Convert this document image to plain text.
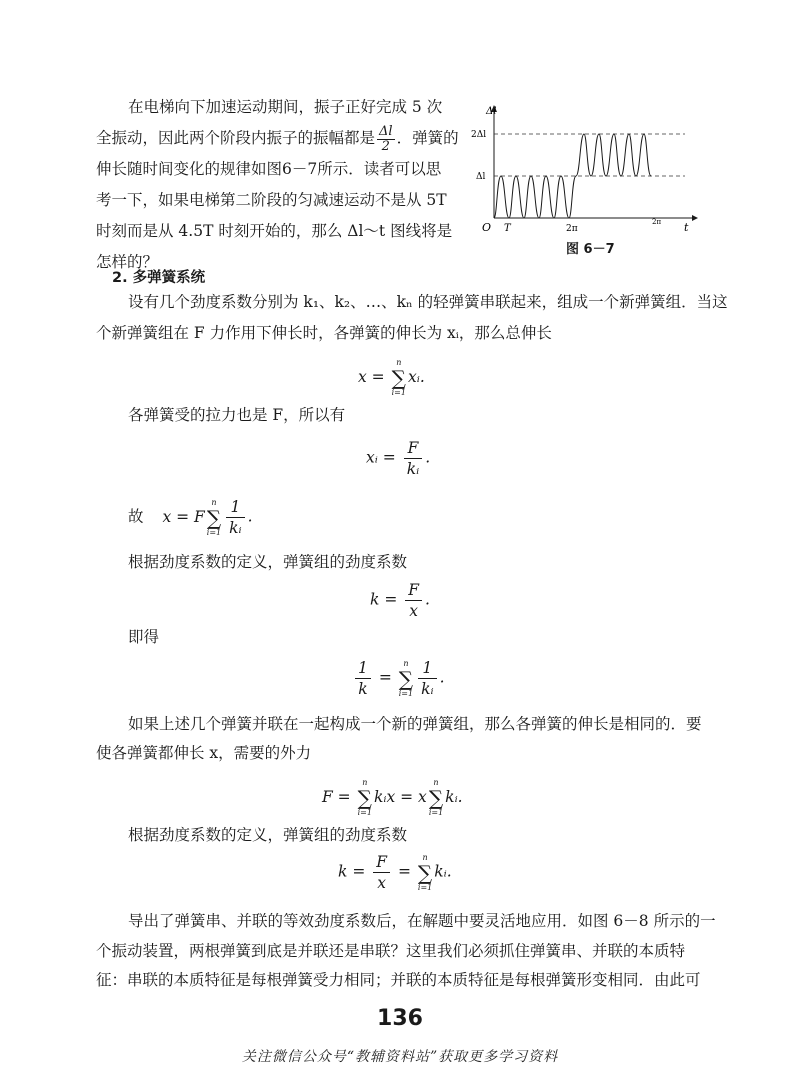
在电梯向下加速运动期间，振子正好完成 5 次
全振动，因此两个阶段内振子的振幅都是 $\frac{\Delta l}{2}$ ．弹簧的
伸长随时间变化的规律如图6－7所示．读者可以思
考一下，如果电梯第二阶段的匀减速运动不是从 5T
时刻而是从 4.5T 时刻开始的，那么 Δl～t 图线将是
怎样的？
Δl
2Δl
Δl
O T	2π
2π t
图 6－7
2. 多弹簧系统
设有几个劲度系数分别为 k₁、k₂、…、kₙ 的轻弹簧串联起来，组成一个新弹簧组．当这
个新弹簧组在 F 力作用下伸长时，各弹簧的伸长为 xᵢ，那么总伸长
x =
n
∑
i=1
xᵢ.
各弹簧受的拉力也是 F，所以有
xᵢ = $\frac{F}{\text{kᵢ}}$ .
故 x = F
n
∑
$i=1 \frac{1}{\text{kᵢ}}$ .
根据劲度系数的定义，弹簧组的劲度系数
$k = \frac{F}{x}$ .
即得
$\frac{1}{k}$ =
n
∑
$i=1 \frac{1}{\text{kᵢ}}$ .
如果上述几个弹簧并联在一起构成一个新的弹簧组，那么各弹簧的伸长是相同的．要
使各弹簧都伸长 x，需要的外力
F =
n
∑
i=1
kᵢx = x
n
∑
i=1
kᵢ.
根据劲度系数的定义，弹簧组的劲度系数
$k = \frac{F}{x}$ =
n
∑
i=1
kᵢ.
导出了弹簧串、并联的等效劲度系数后，在解题中要灵活地应用．如图 6－8 所示的一
个振动装置，两根弹簧到底是并联还是串联？这里我们必须抓住弹簧串、并联的本质特
征：串联的本质特征是每根弹簧受力相同；并联的本质特征是每根弹簧形变相同．由此可
136
关注微信公众号“教辅资料站”获取更多学习资料
